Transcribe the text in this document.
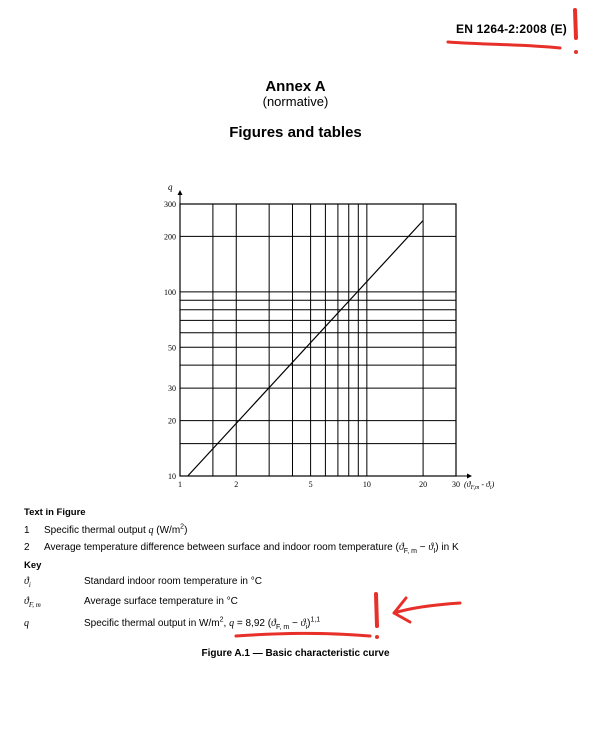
EN 1264-2:2008 (E)
Annex A
(normative)
Figures and tables
1	2	5	10	20	30
10
20
30
50
100
200
300
q
$(ϑ_{F,m} - ϑ_i)$
Text in Figure
1 Specific thermal output q $(W/m^2)$
2 Average temperature difference between surface and indoor room temperature $(ϑ_{F, m} - ϑ_I)$ in K
Key
$ϑ_i$	Standard indoor room temperature in °C
$ϑ_{F, m}$	Average surface temperature in °C
q	Specific thermal output in $W/m^2$, q = 8,92 $(ϑ_{F, m} - ϑ_i)^{1,1}$
Figure A.1 — Basic characteristic curve
